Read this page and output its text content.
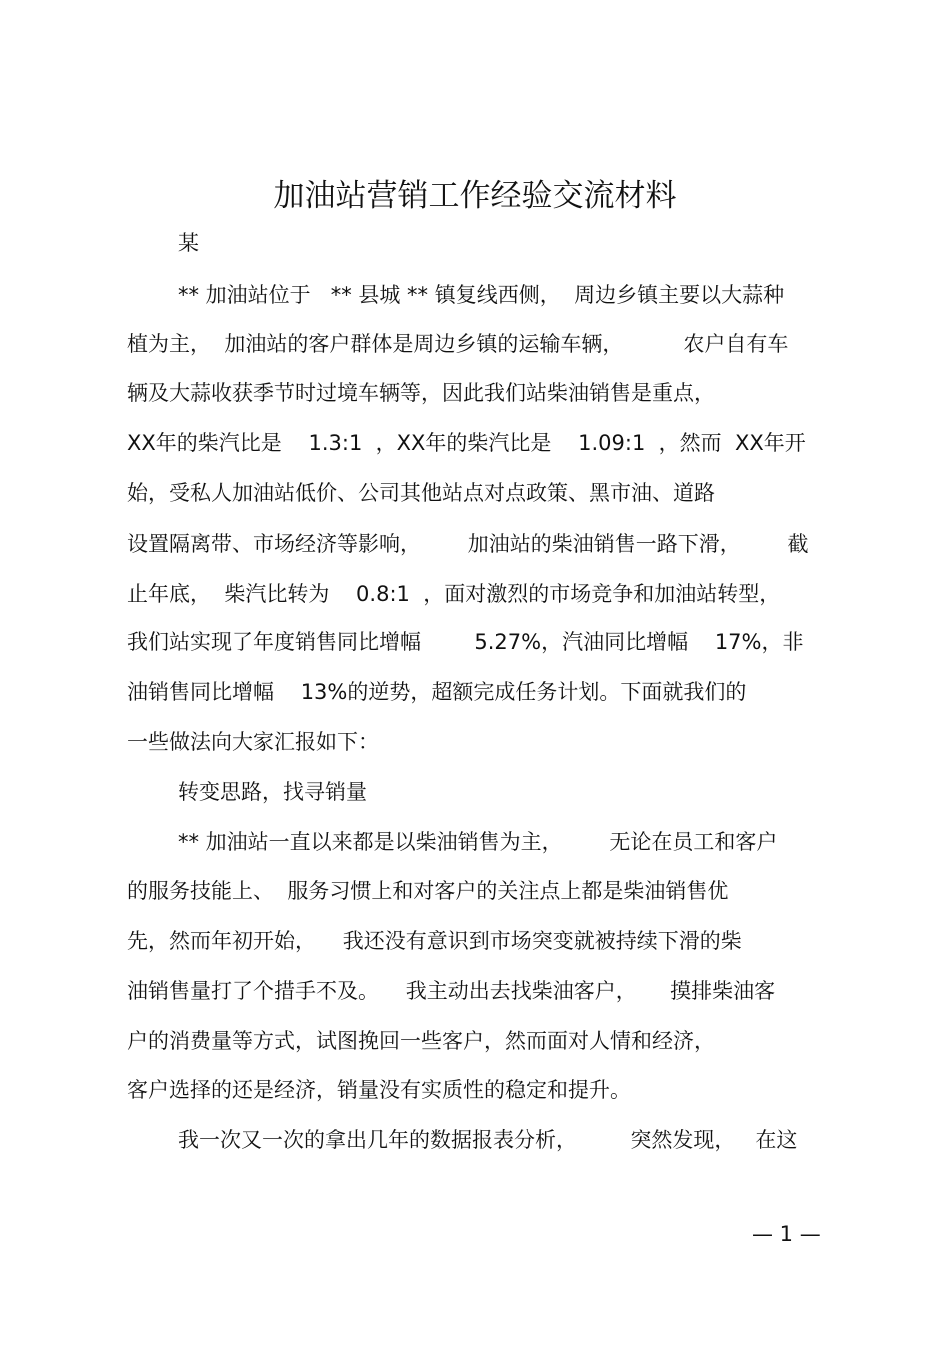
加油站营销工作经验交流材料

某

** 加油站位于   ** 县城 ** 镇复线西侧，  周边乡镇主要以大蒜种

植为主，  加油站的客户群体是周边乡镇的运输车辆，         农户自有车

辆及大蒜收获季节时过境车辆等，因此我们站柴油销售是重点，

XX年的柴汽比是    1.3:1  ，XX年的柴汽比是    1.09:1  ，然而  XX年开

始，受私人加油站低价、公司其他站点对点政策、黑市油、道路

设置隔离带、市场经济等影响，       加油站的柴油销售一路下滑，       截

止年底，  柴汽比转为    0.8:1  ，面对激烈的市场竞争和加油站转型，

我们站实现了年度销售同比增幅        5.27%，汽油同比增幅    17%，非

油销售同比增幅    13%的逆势，超额完成任务计划。下面就我们的

一些做法向大家汇报如下：

转变思路，找寻销量

** 加油站一直以来都是以柴油销售为主，       无论在员工和客户

的服务技能上、  服务习惯上和对客户的关注点上都是柴油销售优

先，然而年初开始，    我还没有意识到市场突变就被持续下滑的柴

油销售量打了个措手不及。    我主动出去找柴油客户，     摸排柴油客

户的消费量等方式，试图挽回一些客户，然而面对人情和经济，

客户选择的还是经济，销量没有实质性的稳定和提升。

我一次又一次的拿出几年的数据报表分析，        突然发现，   在这

— 1 —
